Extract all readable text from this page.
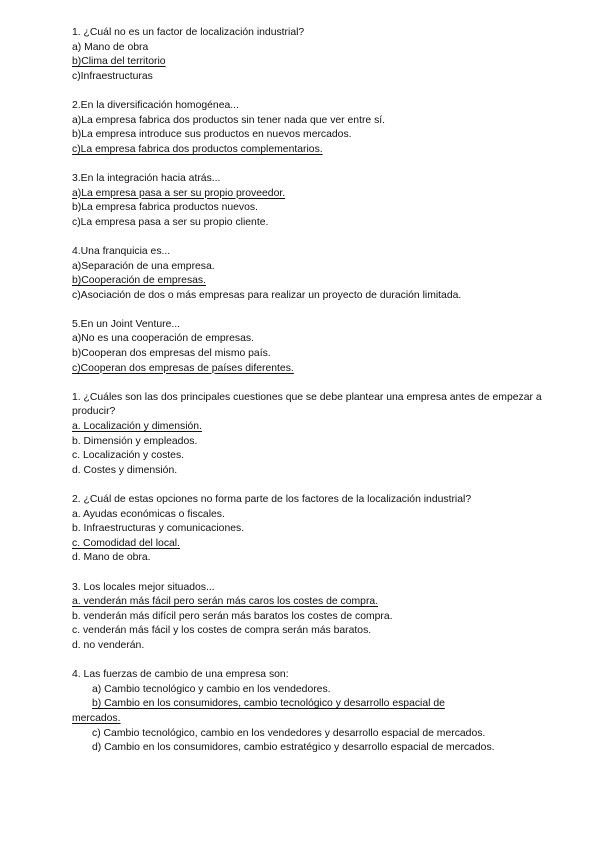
1. ¿Cuál no es un factor de localización industrial?
a) Mano de obra
b)Clima del territorio
c)Infraestructuras
2.En la diversificación homogénea...
a)La empresa fabrica dos productos sin tener nada que ver entre sí.
b)La empresa introduce sus productos en nuevos mercados.
c)La empresa fabrica dos productos complementarios.
3.En la integración hacia atrás...
a)La empresa pasa a ser su propio proveedor.
b)La empresa fabrica productos nuevos.
c)La empresa pasa a ser su propio cliente.
4.Una franquicia es...
a)Separación de una empresa.
b)Cooperación de empresas.
c)Asociación de dos o más empresas para realizar un proyecto de duración limitada.
5.En un Joint Venture...
a)No es una cooperación de empresas.
b)Cooperan dos empresas del mismo país.
c)Cooperan dos empresas de países diferentes.
1. ¿Cuáles son las dos principales cuestiones que se debe plantear una empresa antes de empezar a producir?
a. Localización y dimensión.
b. Dimensión y empleados.
c. Localización y costes.
d. Costes y dimensión.
2. ¿Cuál de estas opciones no forma parte de los factores de la localización industrial?
a. Ayudas económicas o fiscales.
b. Infraestructuras y comunicaciones.
c. Comodidad del local.
d. Mano de obra.
3. Los locales mejor situados...
a. venderán más fácil pero serán más caros los costes de compra.
b. venderán más difícil pero serán más baratos los costes de compra.
c. venderán más fácil y los costes de compra serán más baratos.
d. no venderán.
4. Las fuerzas de cambio de una empresa son:
a) Cambio tecnológico y cambio en los vendedores.
b) Cambio en los consumidores, cambio tecnológico y desarrollo espacial de
mercados.
c) Cambio tecnológico, cambio en los vendedores y desarrollo espacial de mercados.
d) Cambio en los consumidores, cambio estratégico y desarrollo espacial de mercados.
